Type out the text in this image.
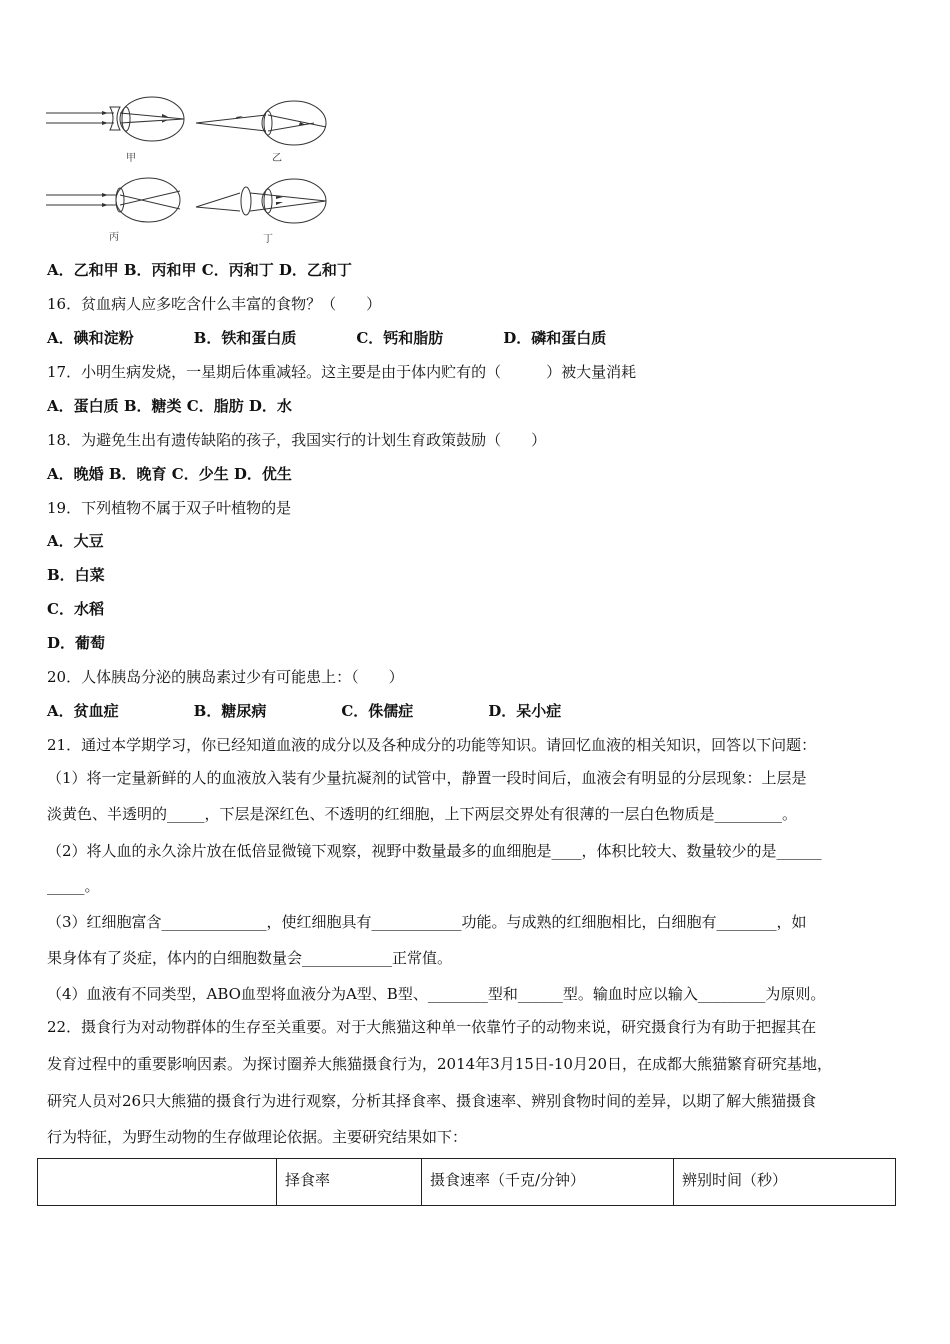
甲	乙
丙	丁
A．乙和甲 B．丙和甲 C．丙和丁 D．乙和丁
16．贫血病人应多吃含什么丰富的食物？（　　）
A．碘和淀粉　　　　B．铁和蛋白质　　　　C．钙和脂肪　　　　D．磷和蛋白质
17．小明生病发烧，一星期后体重减轻。这主要是由于体内贮有的（　　　）被大量消耗
A．蛋白质 B．糖类 C．脂肪 D．水
18．为避免生出有遗传缺陷的孩子，我国实行的计划生育政策鼓励（　　）
A．晚婚 B．晚育 C．少生 D．优生
19．下列植物不属于双子叶植物的是
A．大豆
B．白菜
C．水稻
D．葡萄
20．人体胰岛分泌的胰岛素过少有可能患上：（　　）
A．贫血症　　　　　B．糖尿病　　　　　C．侏儒症　　　　　D．呆小症
21．通过本学期学习，你已经知道血液的成分以及各种成分的功能等知识。请回忆血液的相关知识，回答以下问题：
（1）将一定量新鲜的人的血液放入装有少量抗凝剂的试管中，静置一段时间后，血液会有明显的分层现象：上层是
淡黄色、半透明的_____，下层是深红色、不透明的红细胞，上下两层交界处有很薄的一层白色物质是_________。
（2）将人血的永久涂片放在低倍显微镜下观察，视野中数量最多的血细胞是____，体积比较大、数量较少的是______
_____。
（3）红细胞富含______________，使红细胞具有____________功能。与成熟的红细胞相比，白细胞有________，如
果身体有了炎症，体内的白细胞数量会____________正常值。
（4）血液有不同类型，ABO血型将血液分为A型、B型、________型和______型。输血时应以输入_________为原则。
22．摄食行为对动物群体的生存至关重要。对于大熊猫这种单一依靠竹子的动物来说，研究摄食行为有助于把握其在
发育过程中的重要影响因素。为探讨圈养大熊猫摄食行为，2014年3月15日-10月20日，在成都大熊猫繁育研究基地，
研究人员对26只大熊猫的摄食行为进行观察，分析其择食率、摄食速率、辨别食物时间的差异，以期了解大熊猫摄食
行为特征，为野生动物的生存做理论依据。主要研究结果如下：
	择食率	摄食速率（千克/分钟）	辨别时间（秒）
